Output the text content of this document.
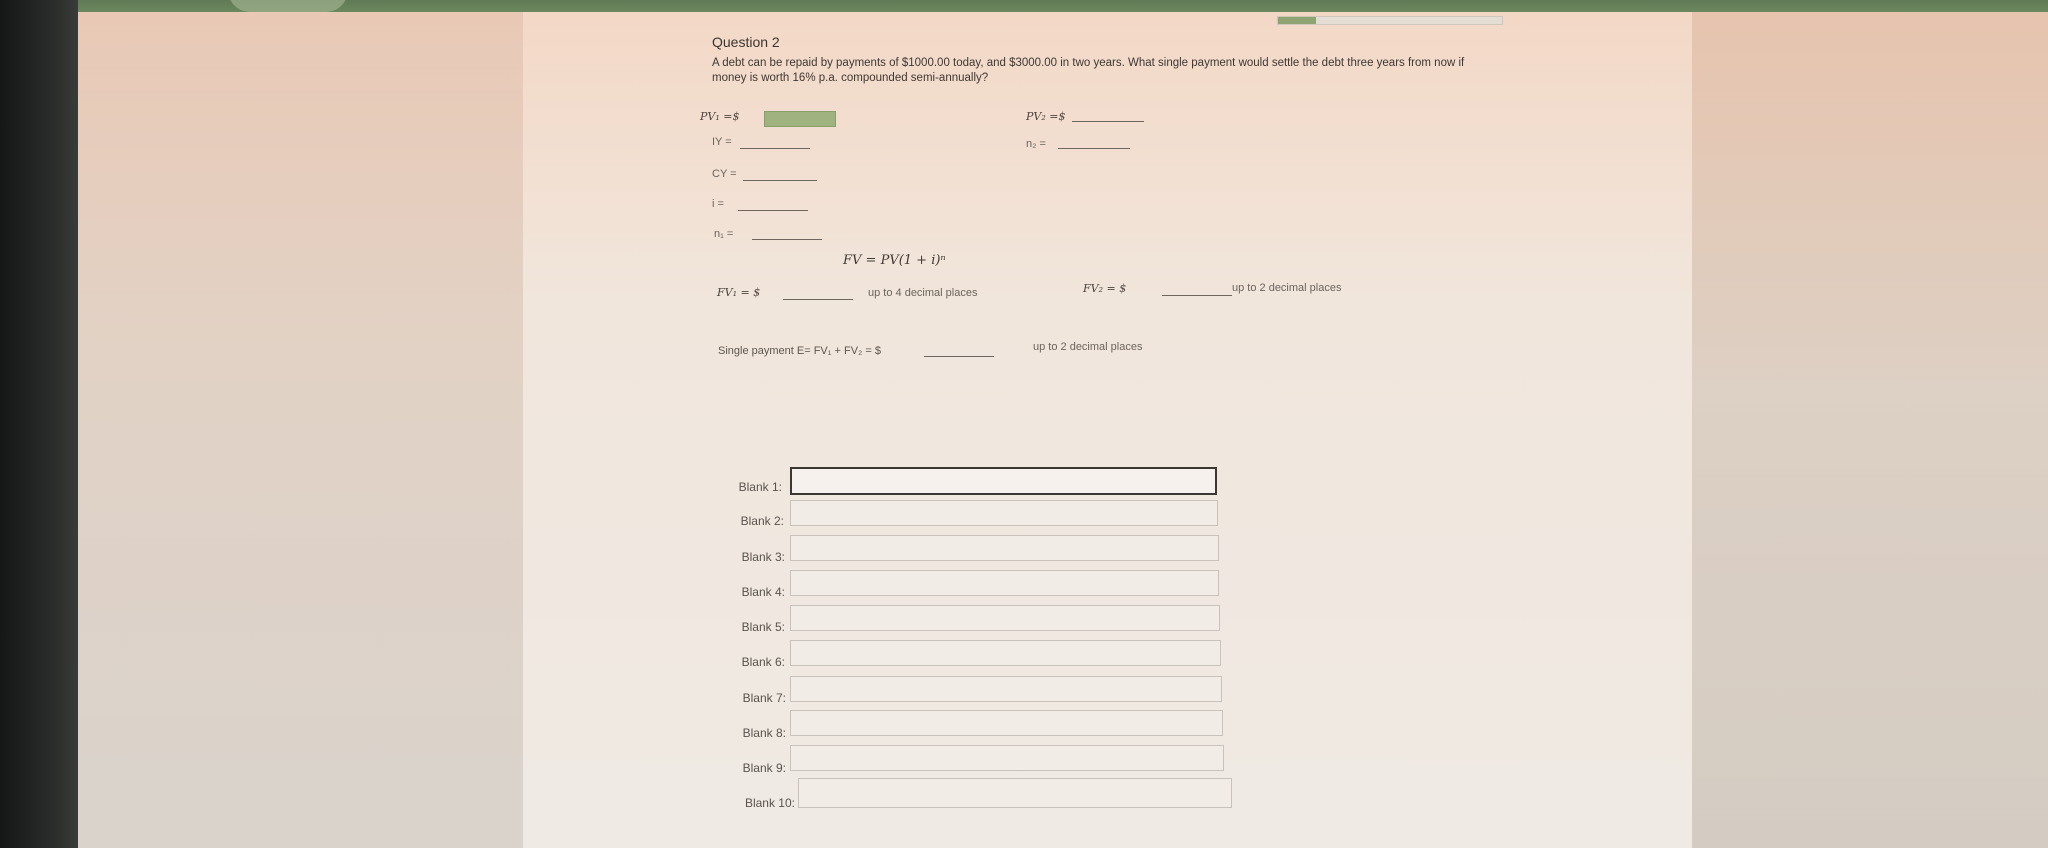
Question 2
A debt can be repaid by payments of $1000.00 today, and $3000.00 in two years. What single payment would settle the debt three years from now if money is worth 16% p.a. compounded semi-annually?
PV₁ =$	PV₂ =$
IY =	n₂ =
CY =
i =
n₁ =
FV = PV(1 + i)ⁿ
FV₁ = $	up to 4 decimal places	FV₂ = $	up to 2 decimal places
Single payment E= FV₁ + FV₂ = $	up to 2 decimal places
Blank 1:
Blank 2:
Blank 3:
Blank 4:
Blank 5:
Blank 6:
Blank 7:
Blank 8:
Blank 9:
Blank 10:
